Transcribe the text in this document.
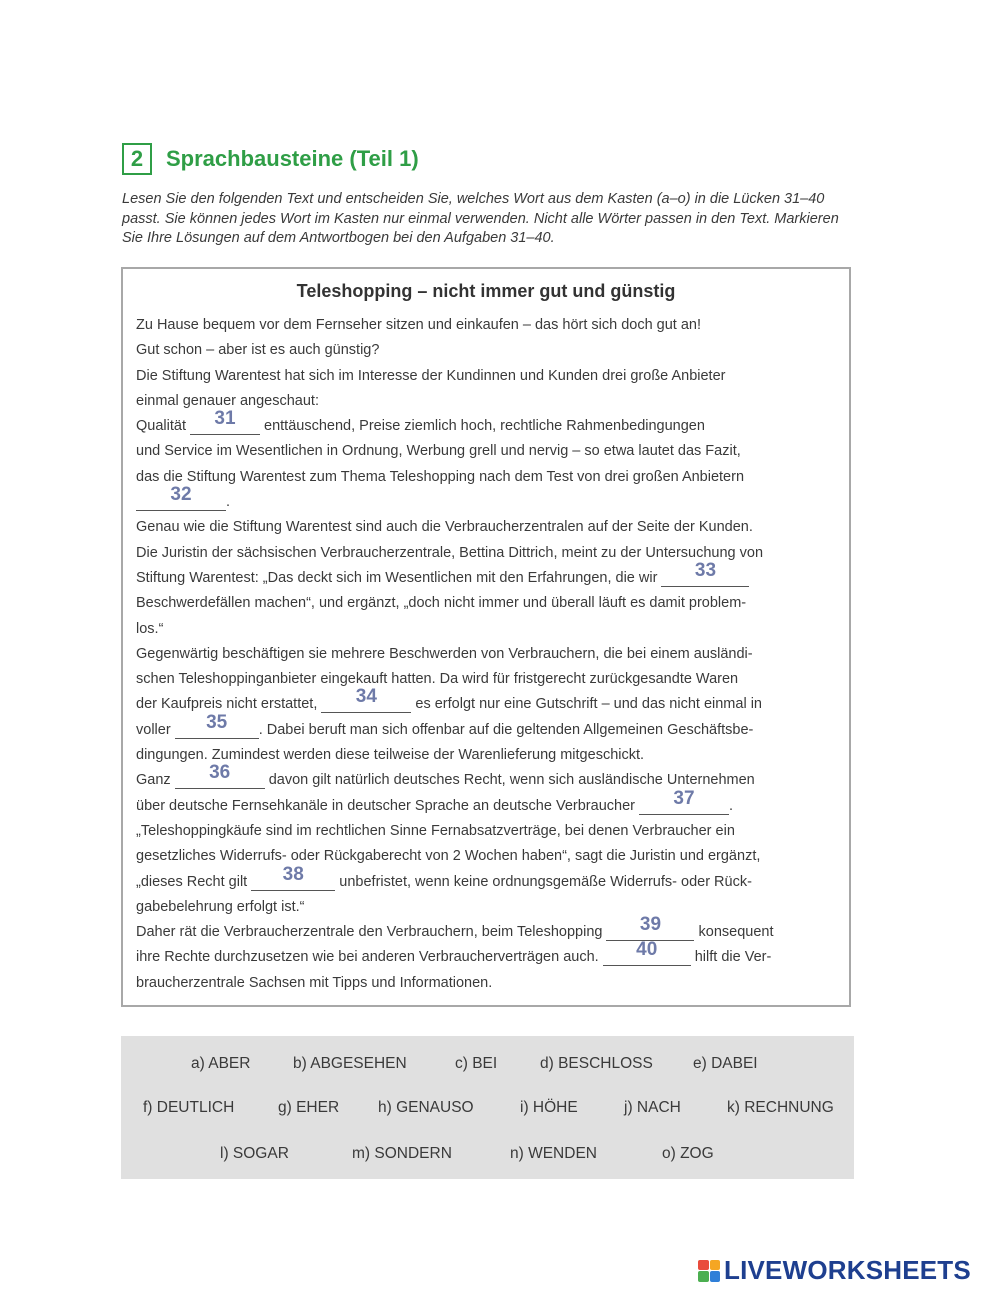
2	Sprachbausteine (Teil 1)
Lesen Sie den folgenden Text und entscheiden Sie, welches Wort aus dem Kasten (a–o) in die Lücken 31–40 passt. Sie können jedes Wort im Kasten nur einmal verwenden. Nicht alle Wörter passen in den Text. Markieren Sie Ihre Lösungen auf dem Antwortbogen bei den Aufgaben 31–40.
Teleshopping – nicht immer gut und günstig
Zu Hause bequem vor dem Fernseher sitzen und einkaufen – das hört sich doch gut an!
Gut schon – aber ist es auch günstig?
Die Stiftung Warentest hat sich im Interesse der Kundinnen und Kunden drei große Anbieter
einmal genauer angeschaut:
Qualität 31 enttäuschend, Preise ziemlich hoch, rechtliche Rahmenbedingungen
und Service im Wesentlichen in Ordnung, Werbung grell und nervig – so etwa lautet das Fazit,
das die Stiftung Warentest zum Thema Teleshopping nach dem Test von drei großen Anbietern
32 .
Genau wie die Stiftung Warentest sind auch die Verbraucherzentralen auf der Seite der Kunden.
Die Juristin der sächsischen Verbraucherzentrale, Bettina Dittrich, meint zu der Untersuchung von
Stiftung Warentest: „Das deckt sich im Wesentlichen mit den Erfahrungen, die wir 33
Beschwerdefällen machen“, und ergänzt, „doch nicht immer und überall läuft es damit problem-
los.“
Gegenwärtig beschäftigen sie mehrere Beschwerden von Verbrauchern, die bei einem ausländi-
schen Teleshoppinganbieter eingekauft hatten. Da wird für fristgerecht zurückgesandte Waren
der Kaufpreis nicht erstattet, 34 es erfolgt nur eine Gutschrift – und das nicht einmal in
voller 35 . Dabei beruft man sich offenbar auf die geltenden Allgemeinen Geschäftsbe-
dingungen. Zumindest werden diese teilweise der Warenlieferung mitgeschickt.
Ganz 36 davon gilt natürlich deutsches Recht, wenn sich ausländische Unternehmen
über deutsche Fernsehkanäle in deutscher Sprache an deutsche Verbraucher 37 .
„Teleshoppingkäufe sind im rechtlichen Sinne Fernabsatzverträge, bei denen Verbraucher ein
gesetzliches Widerrufs- oder Rückgaberecht von 2 Wochen haben“, sagt die Juristin und ergänzt,
„dieses Recht gilt 38 unbefristet, wenn keine ordnungsgemäße Widerrufs- oder Rück-
gabebelehrung erfolgt ist.“
Daher rät die Verbraucherzentrale den Verbrauchern, beim Teleshopping 39 konsequent
ihre Rechte durchzusetzen wie bei anderen Verbraucherverträgen auch. 40 hilft die Ver-
braucherzentrale Sachsen mit Tipps und Informationen.
a) ABER	b) ABGESEHEN	c) BEI	d) BESCHLOSS	e) DABEI
f) DEUTLICH	g) EHER	h) GENAUSO	i) HÖHE	j) NACH	k) RECHNUNG
l) SOGAR	m) SONDERN	n) WENDEN	o) ZOG
LIVEWORKSHEETS
